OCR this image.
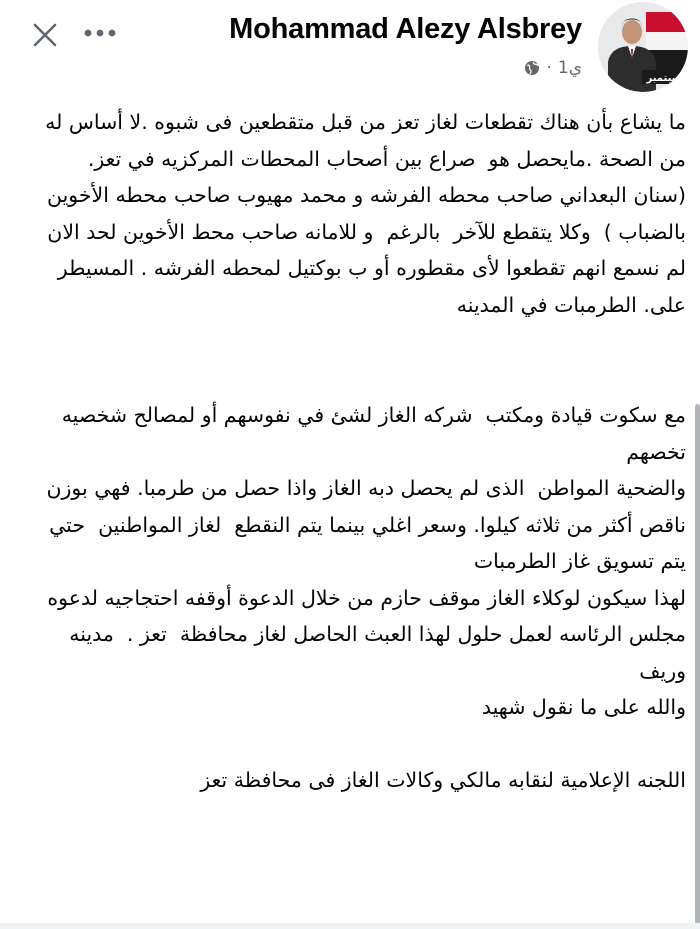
Mohammad Alezy Alsbrey
· 1ي
سبتمبر

ما يشاع بأن هناك تقطعات لغاز تعز من قبل متقطعين فى شبوه .لا أساس له من الصحة .مايحصل هو  صراع بين أصحاب المحطات المركزيه في تعز. (سنان البعداني صاحب محطه الفرشه و محمد مهيوب صاحب محطه الأخوين بالضباب )  وكلا يتقطع للآخر  بالرغم  و للامانه صاحب محط الأخوين لحد الان لم نسمع انهم تقطعوا لأى مقطوره أو ب بوكتيل لمحطه الفرشه . المسيطر على. الطرمبات في المدينه

مع سكوت قيادة ومكتب  شركه الغاز لشئ في نفوسهم أو لمصالح شخصيه تخصهم
والضحية المواطن  الذى لم يحصل دبه الغاز واذا حصل من طرمبا. فهي بوزن ناقص أكثر من ثلاثه كيلوا. وسعر اغلي بينما يتم النقطع  لغاز المواطنين  حتي يتم تسويق غاز الطرمبات
لهذا سيكون لوكلاء الغاز موقف حازم من خلال الدعوة أوقفه احتجاجيه لدعوه مجلس الرئاسه لعمل حلول لهذا العبث الحاصل لغاز محافظة  تعز .  مدينه وريف
والله على ما نقول شهيد

اللجنه الإعلامية لنقابه مالكي وكالات الغاز فى محافظة تعز
